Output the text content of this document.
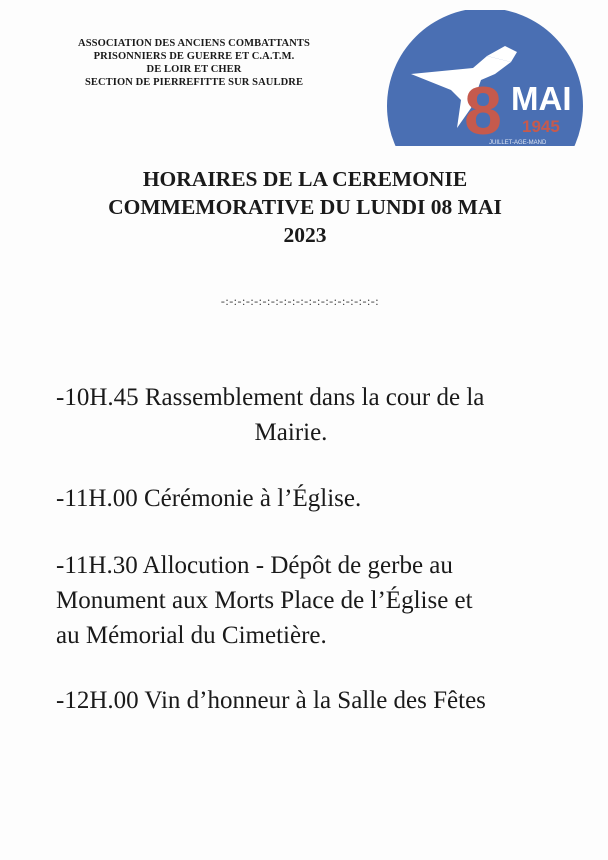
ASSOCIATION DES ANCIENS COMBATTANTS
PRISONNIERS DE GUERRE ET C.A.T.M.
DE LOIR ET CHER
SECTION DE PIERREFITTE SUR SAULDRE	8 MAI
1945
JUILLET-AGE-MAND
HORAIRES DE LA CEREMONIE
COMMEMORATIVE DU LUNDI 08 MAI
2023
-:-:-:-:-:-:-:-:-:-:-:-:-:-:-:-:-:-:-:
-10H.45 Rassemblement dans la cour de la
Mairie.
-11H.00 Cérémonie à l’Église.
-11H.30 Allocution - Dépôt de gerbe au
Monument aux Morts Place de l’Église et
au Mémorial du Cimetière.
-12H.00 Vin d’honneur à la Salle des Fêtes
